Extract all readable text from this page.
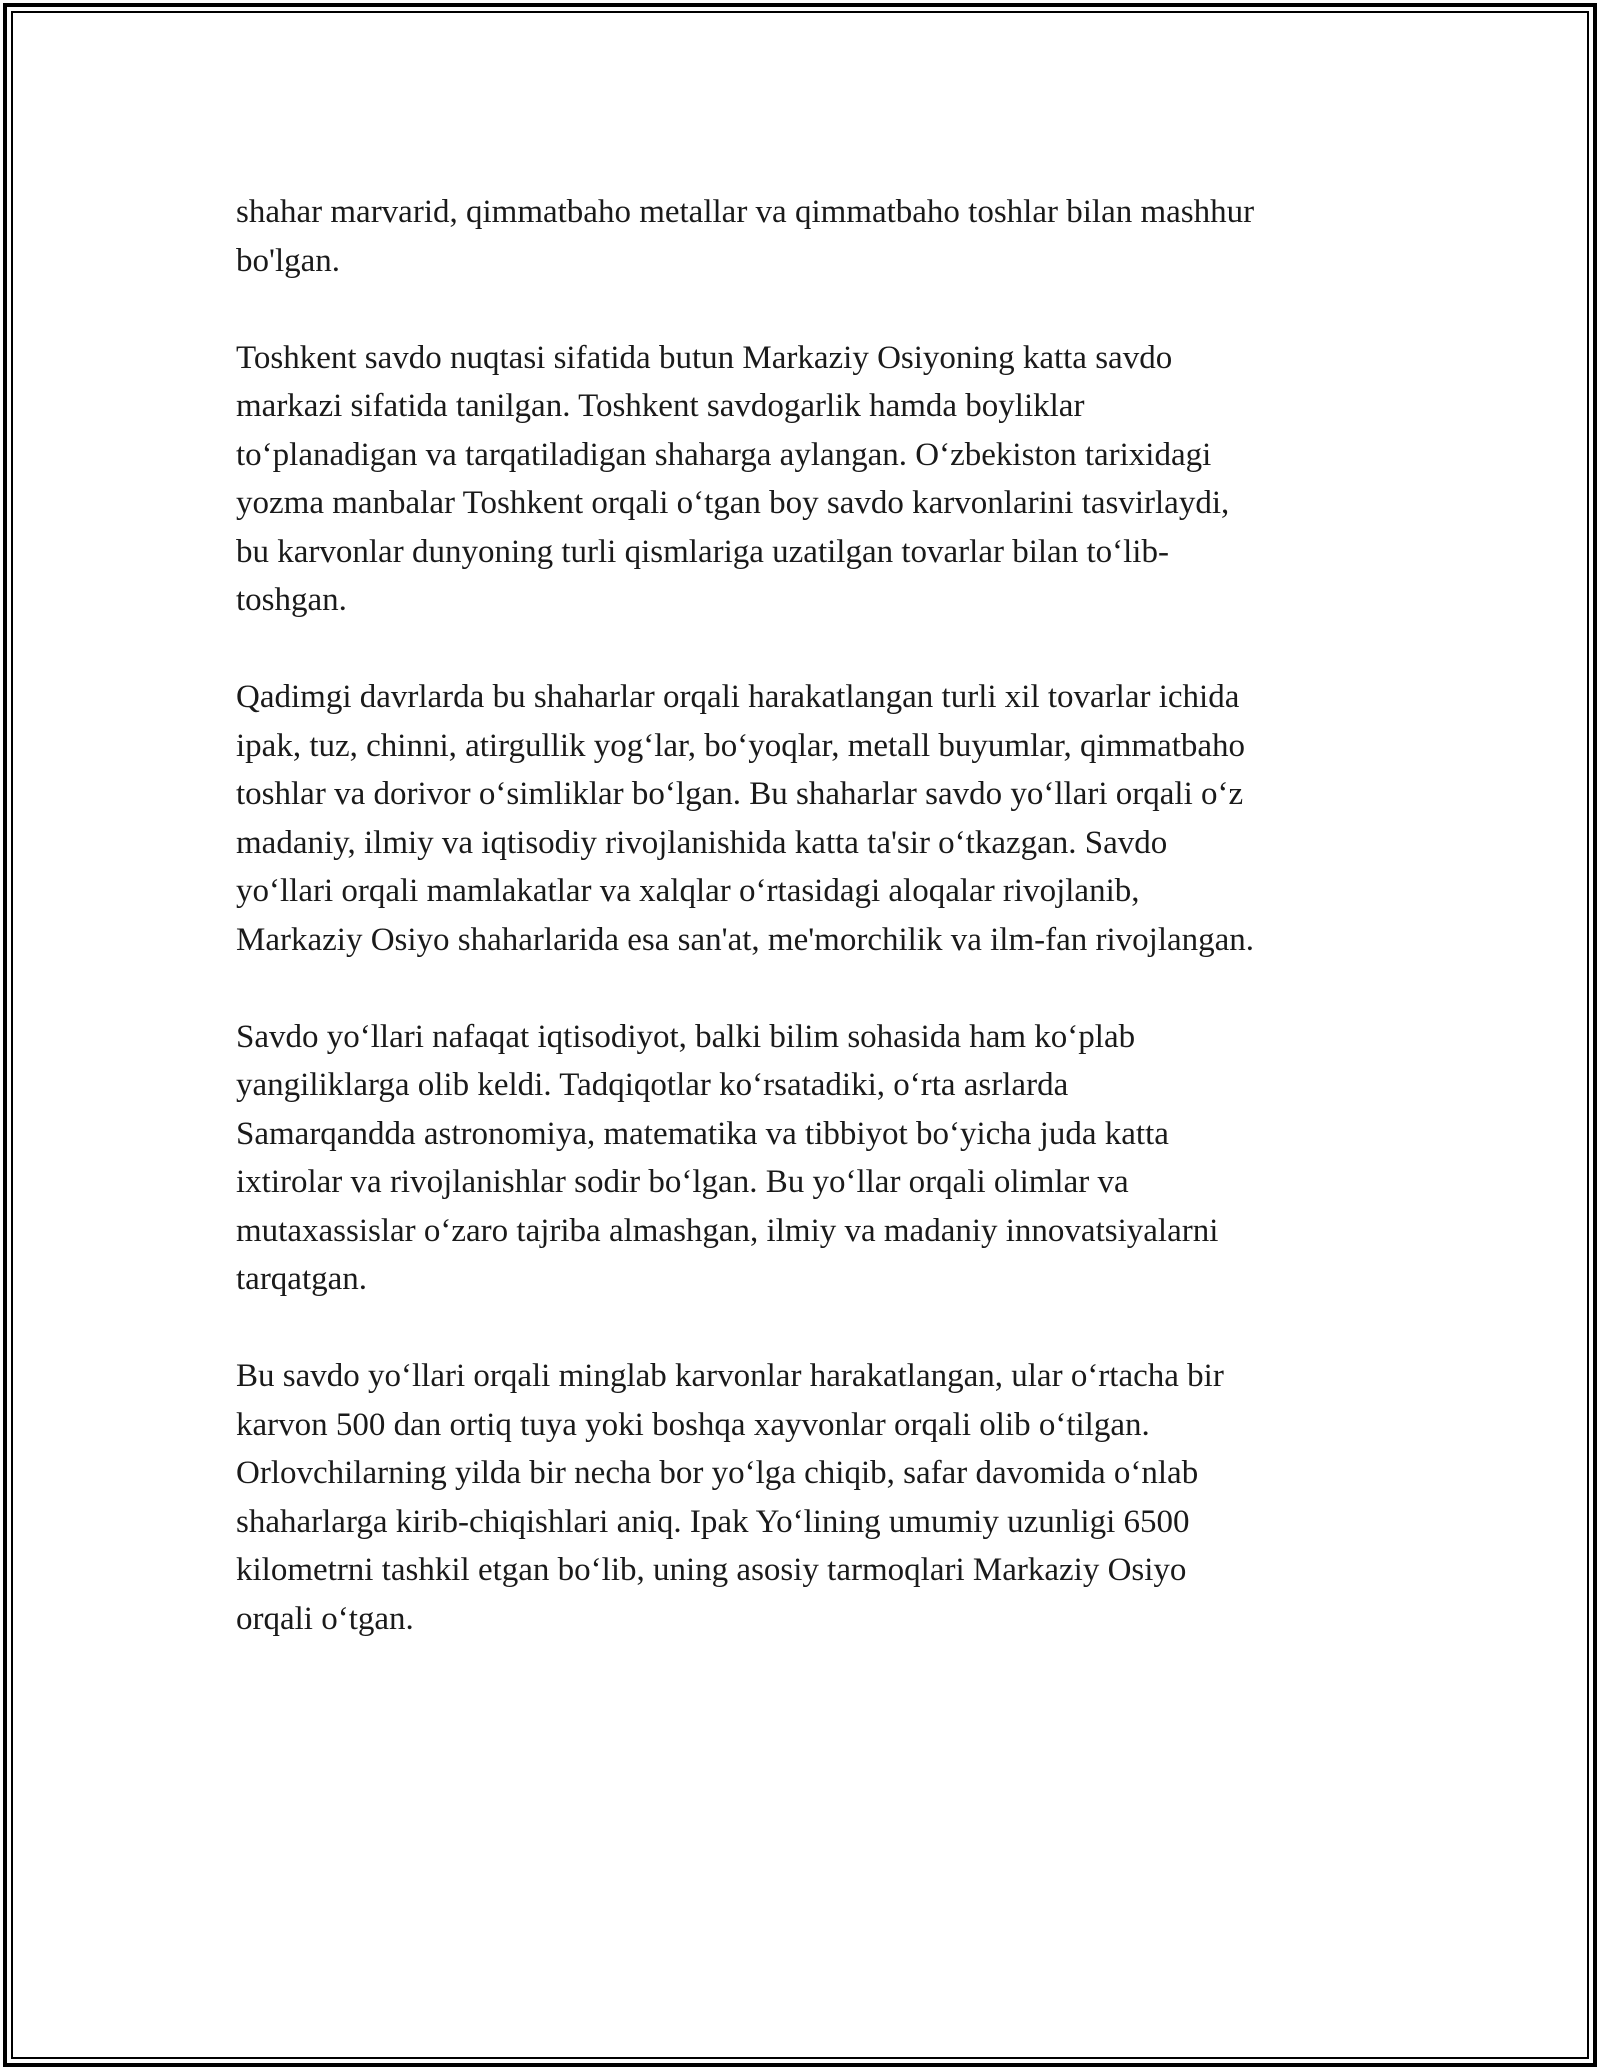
shahar marvarid, qimmatbaho metallar va qimmatbaho toshlar bilan mashhur
bo'lgan.

Toshkent savdo nuqtasi sifatida butun Markaziy Osiyoning katta savdo
markazi sifatida tanilgan. Toshkent savdogarlik hamda boyliklar
to‘planadigan va tarqatiladigan shaharga aylangan. O‘zbekiston tarixidagi
yozma manbalar Toshkent orqali o‘tgan boy savdo karvonlarini tasvirlaydi,
bu karvonlar dunyoning turli qismlariga uzatilgan tovarlar bilan to‘lib-
toshgan.

Qadimgi davrlarda bu shaharlar orqali harakatlangan turli xil tovarlar ichida
ipak, tuz, chinni, atirgullik yog‘lar, bo‘yoqlar, metall buyumlar, qimmatbaho
toshlar va dorivor o‘simliklar bo‘lgan. Bu shaharlar savdo yo‘llari orqali o‘z
madaniy, ilmiy va iqtisodiy rivojlanishida katta ta'sir o‘tkazgan. Savdo
yo‘llari orqali mamlakatlar va xalqlar o‘rtasidagi aloqalar rivojlanib,
Markaziy Osiyo shaharlarida esa san'at, me'morchilik va ilm-fan rivojlangan.

Savdo yo‘llari nafaqat iqtisodiyot, balki bilim sohasida ham ko‘plab
yangiliklarga olib keldi. Tadqiqotlar ko‘rsatadiki, o‘rta asrlarda
Samarqandda astronomiya, matematika va tibbiyot bo‘yicha juda katta
ixtirolar va rivojlanishlar sodir bo‘lgan. Bu yo‘llar orqali olimlar va
mutaxassislar o‘zaro tajriba almashgan, ilmiy va madaniy innovatsiyalarni
tarqatgan.

Bu savdo yo‘llari orqali minglab karvonlar harakatlangan, ular o‘rtacha bir
karvon 500 dan ortiq tuya yoki boshqa xayvonlar orqali olib o‘tilgan.
Orlovchilarning yilda bir necha bor yo‘lga chiqib, safar davomida o‘nlab
shaharlarga kirib-chiqishlari aniq. Ipak Yo‘lining umumiy uzunligi 6500
kilometrni tashkil etgan bo‘lib, uning asosiy tarmoqlari Markaziy Osiyo
orqali o‘tgan.
